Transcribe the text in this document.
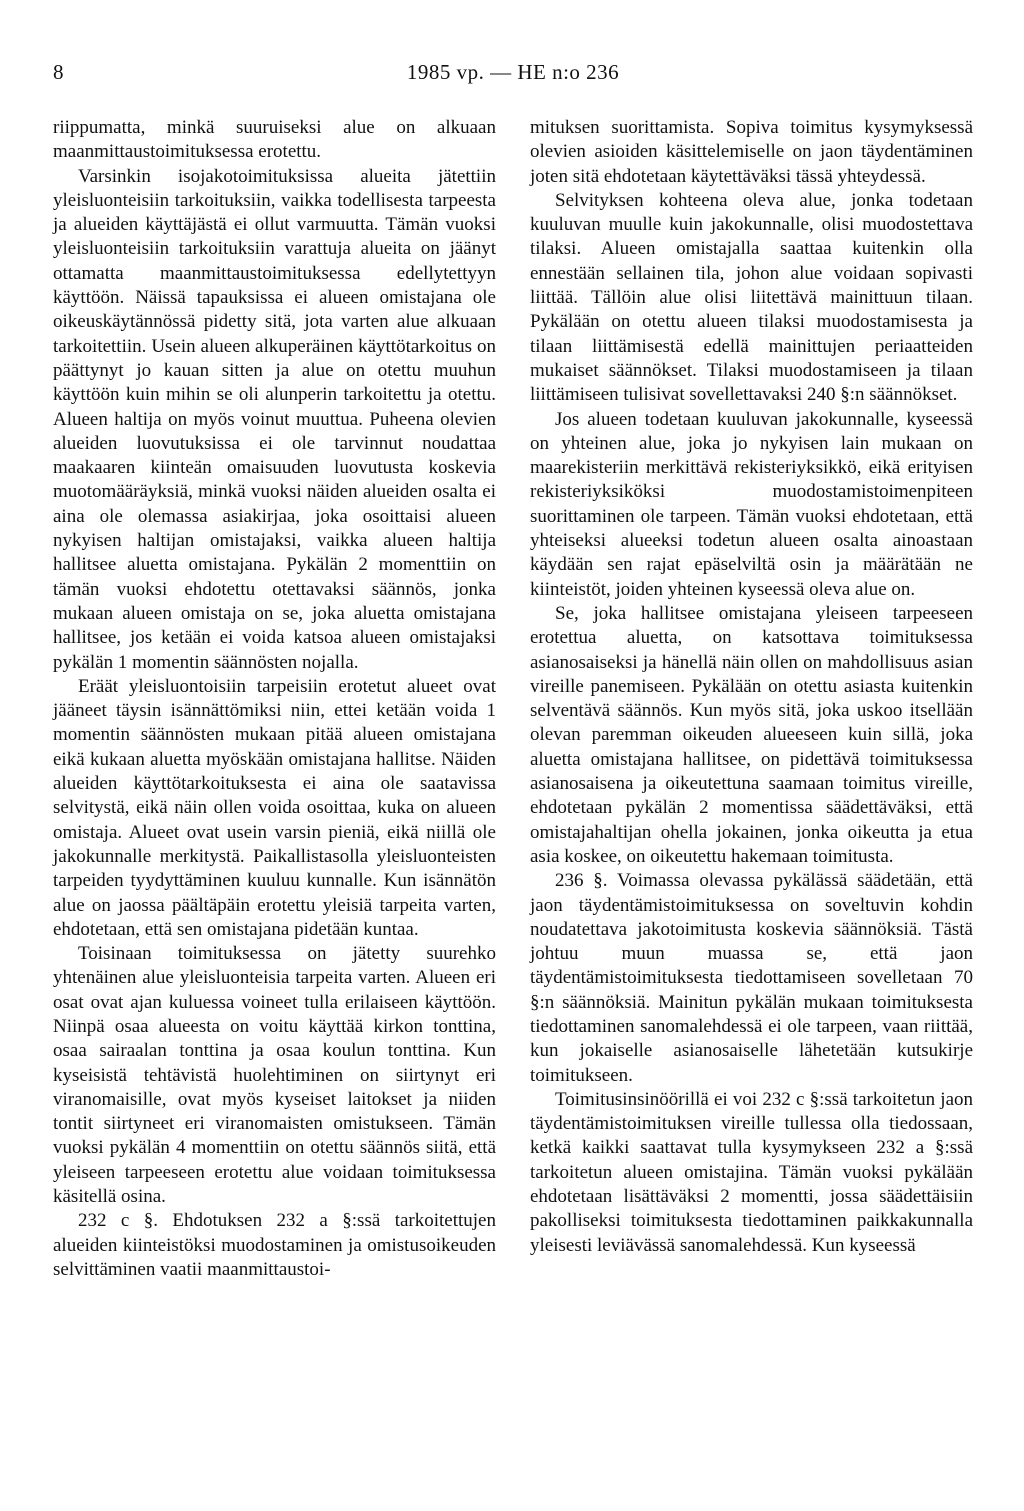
8	1985 vp. — HE n:o 236

riippumatta, minkä suuruiseksi alue on alkuaan maanmittaustoimituksessa erotettu.

Varsinkin isojakotoimituksissa alueita jätettiin yleisluonteisiin tarkoituksiin, vaikka todellisesta tarpeesta ja alueiden käyttäjästä ei ollut varmuutta. Tämän vuoksi yleisluonteisiin tarkoituksiin varattuja alueita on jäänyt ottamatta maanmittaustoimituksessa edellytettyyn käyttöön. Näissä tapauksissa ei alueen omistajana ole oikeuskäytännössä pidetty sitä, jota varten alue alkuaan tarkoitettiin. Usein alueen alkuperäinen käyttötarkoitus on päättynyt jo kauan sitten ja alue on otettu muuhun käyttöön kuin mihin se oli alunperin tarkoitettu ja otettu. Alueen haltija on myös voinut muuttua. Puheena olevien alueiden luovutuksissa ei ole tarvinnut noudattaa maakaaren kiinteän omaisuuden luovutusta koskevia muotomääräyksiä, minkä vuoksi näiden alueiden osalta ei aina ole olemassa asiakirjaa, joka osoittaisi alueen nykyisen haltijan omistajaksi, vaikka alueen haltija hallitsee aluetta omistajana. Pykälän 2 momenttiin on tämän vuoksi ehdotettu otettavaksi säännös, jonka mukaan alueen omistaja on se, joka aluetta omistajana hallitsee, jos ketään ei voida katsoa alueen omistajaksi pykälän 1 momentin säännösten nojalla.

Eräät yleisluontoisiin tarpeisiin erotetut alueet ovat jääneet täysin isännättömiksi niin, ettei ketään voida 1 momentin säännösten mukaan pitää alueen omistajana eikä kukaan aluetta myöskään omistajana hallitse. Näiden alueiden käyttötarkoituksesta ei aina ole saatavissa selvitystä, eikä näin ollen voida osoittaa, kuka on alueen omistaja. Alueet ovat usein varsin pieniä, eikä niillä ole jakokunnalle merkitystä. Paikallistasolla yleisluonteisten tarpeiden tyydyttäminen kuuluu kunnalle. Kun isännätön alue on jaossa päältäpäin erotettu yleisiä tarpeita varten, ehdotetaan, että sen omistajana pidetään kuntaa.

Toisinaan toimituksessa on jätetty suurehko yhtenäinen alue yleisluonteisia tarpeita varten. Alueen eri osat ovat ajan kuluessa voineet tulla erilaiseen käyttöön. Niinpä osaa alueesta on voitu käyttää kirkon tonttina, osaa sairaalan tonttina ja osaa koulun tonttina. Kun kyseisistä tehtävistä huolehtiminen on siirtynyt eri viranomaisille, ovat myös kyseiset laitokset ja niiden tontit siirtyneet eri viranomaisten omistukseen. Tämän vuoksi pykälän 4 momenttiin on otettu säännös siitä, että yleiseen tarpeeseen erotettu alue voidaan toimituksessa käsitellä osina.

232 c §. Ehdotuksen 232 a §:ssä tarkoitettujen alueiden kiinteistöksi muodostaminen ja omistusoikeuden selvittäminen vaatii maanmittaustoi-

mituksen suorittamista. Sopiva toimitus kysymyksessä olevien asioiden käsittelemiselle on jaon täydentäminen joten sitä ehdotetaan käytettäväksi tässä yhteydessä.

Selvityksen kohteena oleva alue, jonka todetaan kuuluvan muulle kuin jakokunnalle, olisi muodostettava tilaksi. Alueen omistajalla saattaa kuitenkin olla ennestään sellainen tila, johon alue voidaan sopivasti liittää. Tällöin alue olisi liitettävä mainittuun tilaan. Pykälään on otettu alueen tilaksi muodostamisesta ja tilaan liittämisestä edellä mainittujen periaatteiden mukaiset säännökset. Tilaksi muodostamiseen ja tilaan liittämiseen tulisivat sovellettavaksi 240 §:n säännökset.

Jos alueen todetaan kuuluvan jakokunnalle, kyseessä on yhteinen alue, joka jo nykyisen lain mukaan on maarekisteriin merkittävä rekisteriyksikkö, eikä erityisen rekisteriyksiköksi muodostamistoimenpiteen suorittaminen ole tarpeen. Tämän vuoksi ehdotetaan, että yhteiseksi alueeksi todetun alueen osalta ainoastaan käydään sen rajat epäselviltä osin ja määrätään ne kiinteistöt, joiden yhteinen kyseessä oleva alue on.

Se, joka hallitsee omistajana yleiseen tarpeeseen erotettua aluetta, on katsottava toimituksessa asianosaiseksi ja hänellä näin ollen on mahdollisuus asian vireille panemiseen. Pykälään on otettu asiasta kuitenkin selventävä säännös. Kun myös sitä, joka uskoo itsellään olevan paremman oikeuden alueeseen kuin sillä, joka aluetta omistajana hallitsee, on pidettävä toimituksessa asianosaisena ja oikeutettuna saamaan toimitus vireille, ehdotetaan pykälän 2 momentissa säädettäväksi, että omistajahaltijan ohella jokainen, jonka oikeutta ja etua asia koskee, on oikeutettu hakemaan toimitusta.

236 §. Voimassa olevassa pykälässä säädetään, että jaon täydentämistoimituksessa on soveltuvin kohdin noudatettava jakotoimitusta koskevia säännöksiä. Tästä johtuu muun muassa se, että jaon täydentämistoimituksesta tiedottamiseen sovelletaan 70 §:n säännöksiä. Mainitun pykälän mukaan toimituksesta tiedottaminen sanomalehdessä ei ole tarpeen, vaan riittää, kun jokaiselle asianosaiselle lähetetään kutsukirje toimitukseen.

Toimitusinsinöörillä ei voi 232 c §:ssä tarkoitetun jaon täydentämistoimituksen vireille tullessa olla tiedossaan, ketkä kaikki saattavat tulla kysymykseen 232 a §:ssä tarkoitetun alueen omistajina. Tämän vuoksi pykälään ehdotetaan lisättäväksi 2 momentti, jossa säädettäisiin pakolliseksi toimituksesta tiedottaminen paikkakunnalla yleisesti leviävässä sanomalehdessä. Kun kyseessä
